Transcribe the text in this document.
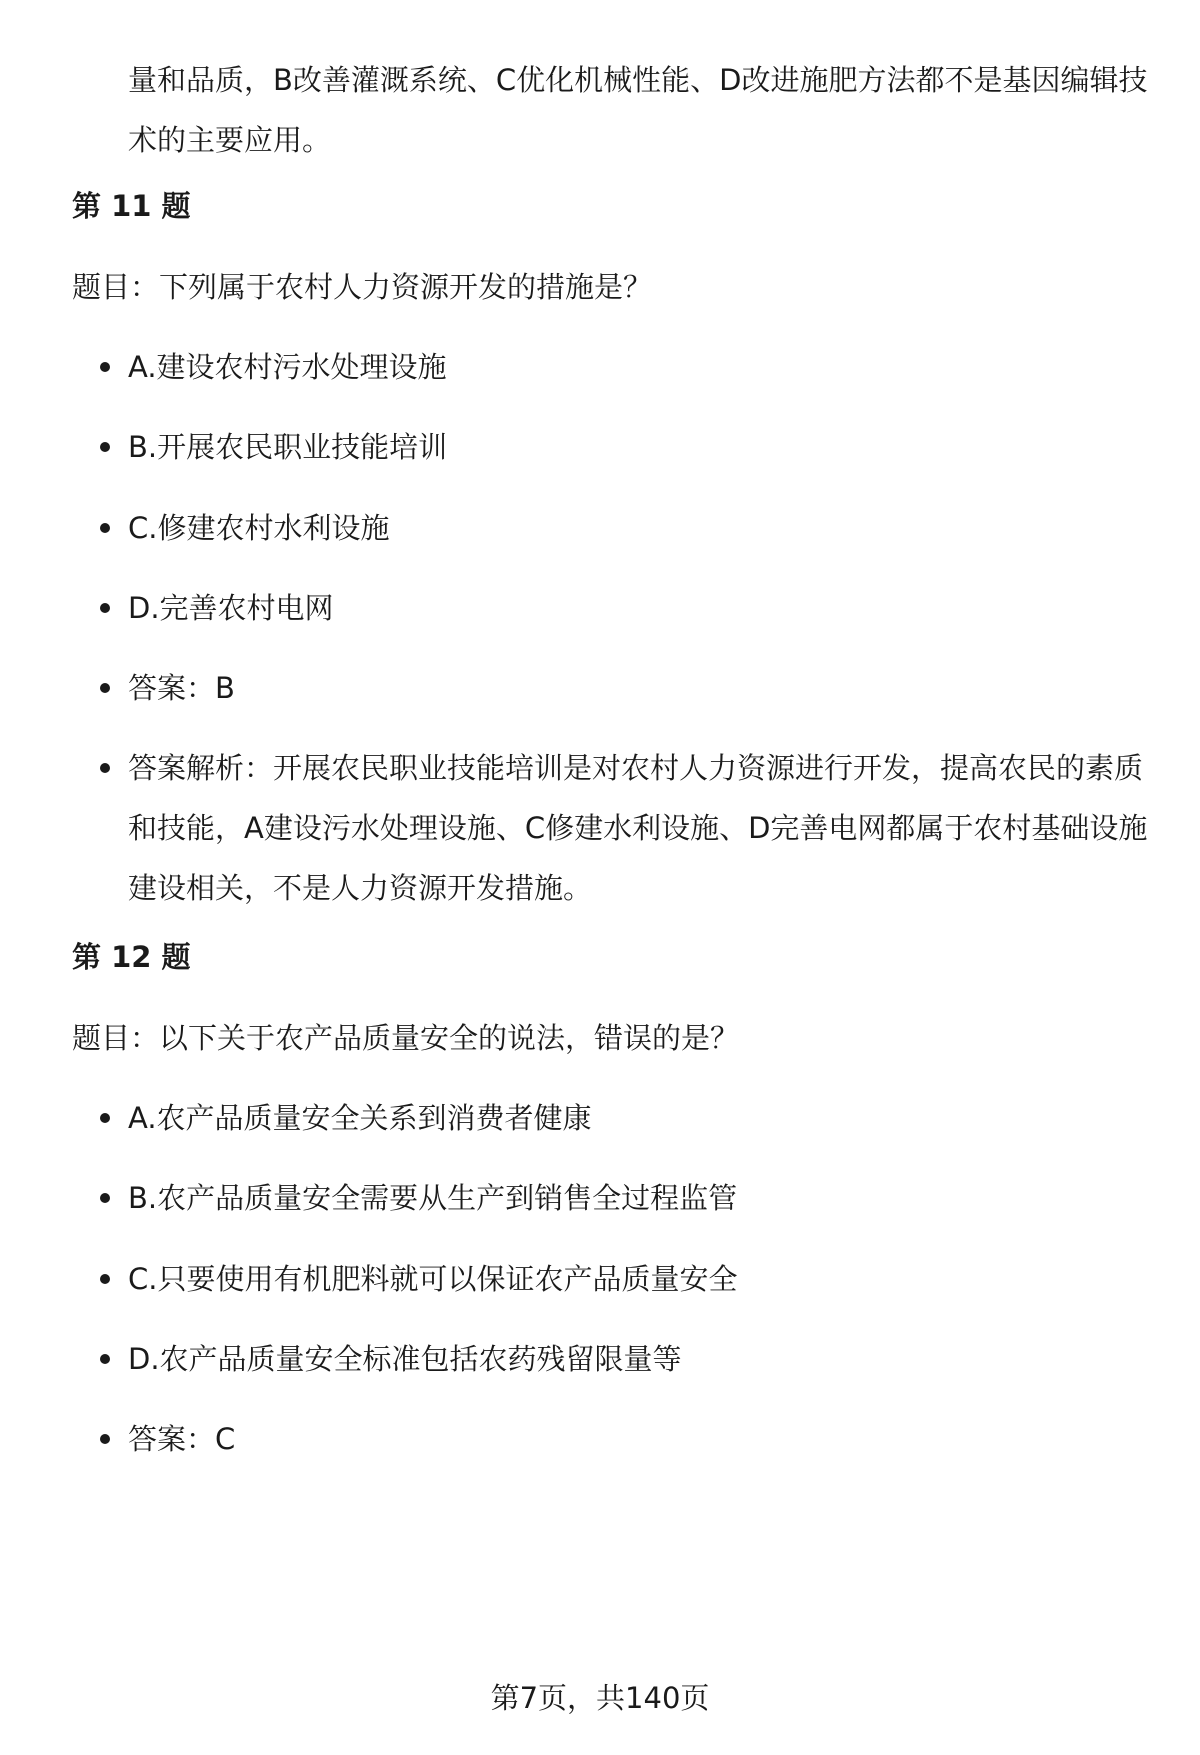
量和品质，B改善灌溉系统、C优化机械性能、D改进施肥方法都不是基因编辑技术的主要应用。

第 11 题

题目：下列属于农村人力资源开发的措施是？

A.建设农村污水处理设施
B.开展农民职业技能培训
C.修建农村水利设施
D.完善农村电网
答案：B
答案解析：开展农民职业技能培训是对农村人力资源进行开发，提高农民的素质和技能，A建设污水处理设施、C修建水利设施、D完善电网都属于农村基础设施建设相关，不是人力资源开发措施。
第 12 题

题目：以下关于农产品质量安全的说法，错误的是？

A.农产品质量安全关系到消费者健康
B.农产品质量安全需要从生产到销售全过程监管
C.只要使用有机肥料就可以保证农产品质量安全
D.农产品质量安全标准包括农药残留限量等
答案：C

第7页，共140页
